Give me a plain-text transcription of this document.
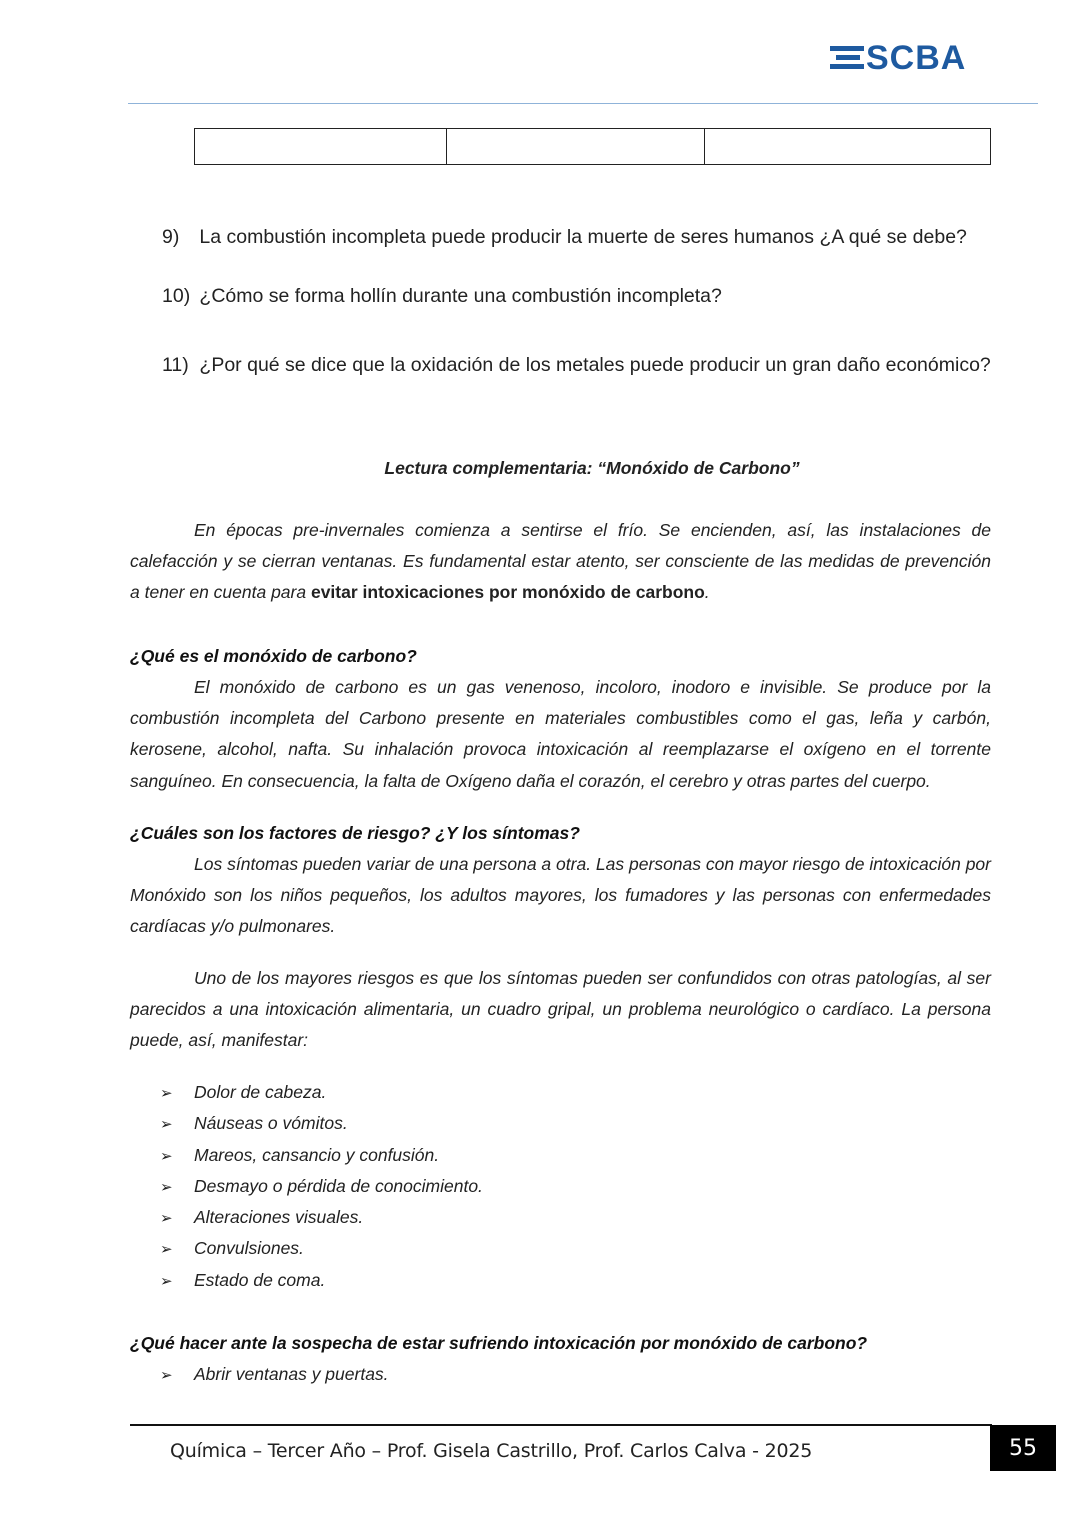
SCBA
9) La combustión incompleta puede producir la muerte de seres humanos ¿A qué se debe?
10) ¿Cómo se forma hollín durante una combustión incompleta?
11) ¿Por qué se dice que la oxidación de los metales puede producir un gran daño económico?
Lectura complementaria: “Monóxido de Carbono”
En épocas pre-invernales comienza a sentirse el frío. Se encienden, así, las instalaciones de calefacción y se cierran ventanas. Es fundamental estar atento, ser consciente de las medidas de prevención a tener en cuenta para evitar intoxicaciones por monóxido de carbono.
¿Qué es el monóxido de carbono?
El monóxido de carbono es un gas venenoso, incoloro, inodoro e invisible. Se produce por la combustión incompleta del Carbono presente en materiales combustibles como el gas, leña y carbón, kerosene, alcohol, nafta. Su inhalación provoca intoxicación al reemplazarse el oxígeno en el torrente sanguíneo. En consecuencia, la falta de Oxígeno daña el corazón, el cerebro y otras partes del cuerpo.
¿Cuáles son los factores de riesgo? ¿Y los síntomas?
Los síntomas pueden variar de una persona a otra. Las personas con mayor riesgo de intoxicación por Monóxido son los niños pequeños, los adultos mayores, los fumadores y las personas con enfermedades cardíacas y/o pulmonares.
Uno de los mayores riesgos es que los síntomas pueden ser confundidos con otras patologías, al ser parecidos a una intoxicación alimentaria, un cuadro gripal, un problema neurológico o cardíaco. La persona puede, así, manifestar:
➢ Dolor de cabeza.
➢ Náuseas o vómitos.
➢ Mareos, cansancio y confusión.
➢ Desmayo o pérdida de conocimiento.
➢ Alteraciones visuales.
➢ Convulsiones.
➢ Estado de coma.
¿Qué hacer ante la sospecha de estar sufriendo intoxicación por monóxido de carbono?
➢ Abrir ventanas y puertas.
Química – Tercer Año – Prof. Gisela Castrillo, Prof. Carlos Calva - 2025	55
